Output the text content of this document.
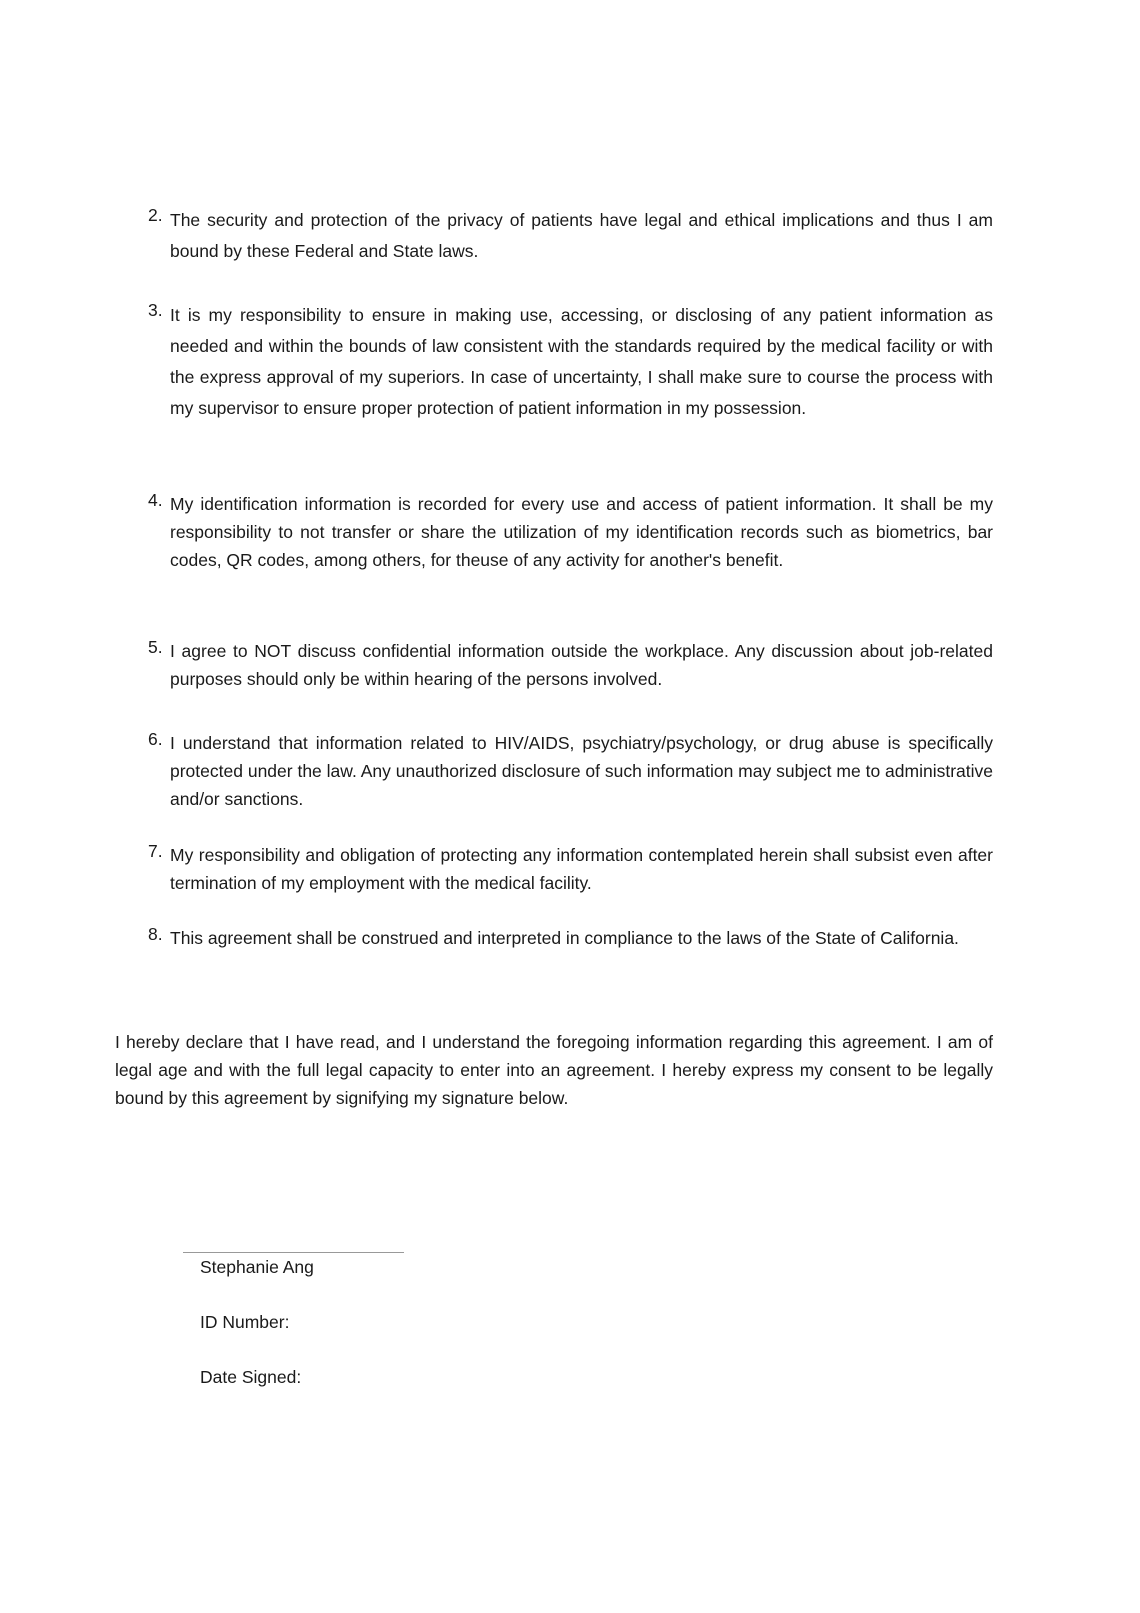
2. The security and protection of the privacy of patients have legal and ethical implications and thus I am bound by these Federal and State laws.
3. It is my responsibility to ensure in making use, accessing, or disclosing of any patient information as needed and within the bounds of law consistent with the standards required by the medical facility or with the express approval of my superiors. In case of uncertainty, I shall make sure to course the process with my supervisor to ensure proper protection of patient information in my possession.
4. My identification information is recorded for every use and access of patient information. It shall be my responsibility to not transfer or share the utilization of my identification records such as biometrics, bar codes, QR codes, among others, for theuse of any activity for another's benefit.
5. I agree to NOT discuss confidential information outside the workplace. Any discussion about job-related purposes should only be within hearing of the persons involved.
6. I understand that information related to HIV/AIDS, psychiatry/psychology, or drug abuse is specifically protected under the law. Any unauthorized disclosure of such information may subject me to administrative and/or sanctions.
7. My responsibility and obligation of protecting any information contemplated herein shall subsist even after termination of my employment with the medical facility.
8. This agreement shall be construed and interpreted in compliance to the laws of the State of California.
I hereby declare that I have read, and I understand the foregoing information regarding this agreement. I am of legal age and with the full legal capacity to enter into an agreement. I hereby express my consent to be legally bound by this agreement by signifying my signature below.
Stephanie Ang
ID Number:
Date Signed:
